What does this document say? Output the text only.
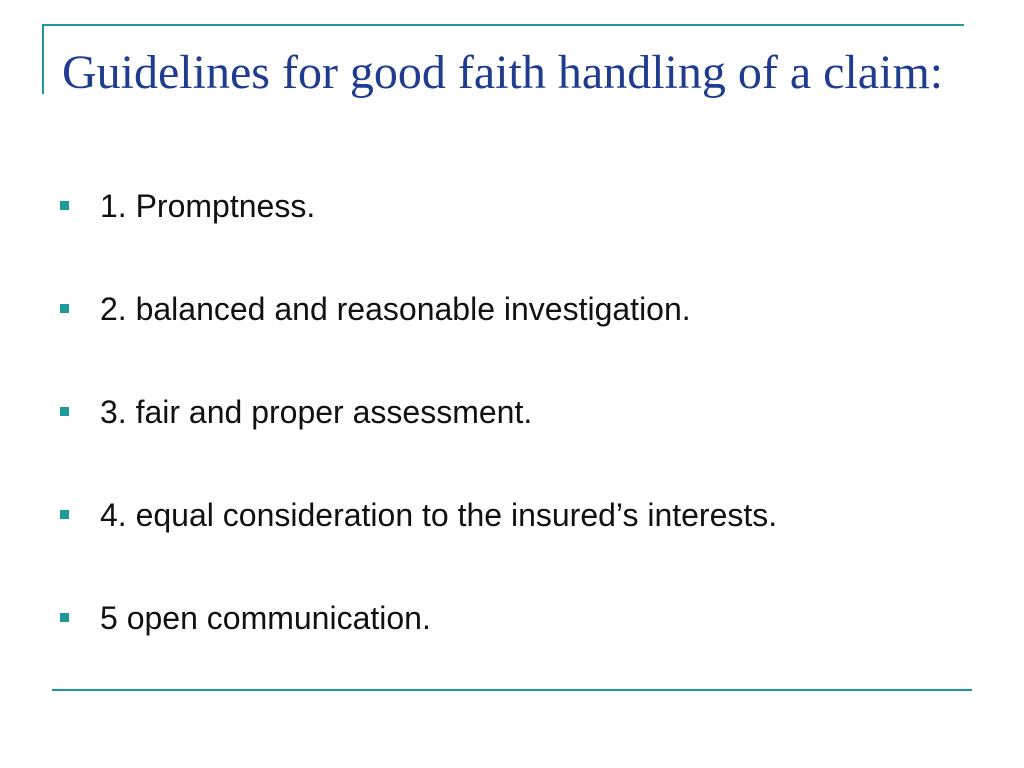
Guidelines for good faith handling of a claim:
1. Promptness.
2. balanced and reasonable investigation.
3. fair and proper assessment.
4. equal consideration to the insured’s interests.
5 open communication.
